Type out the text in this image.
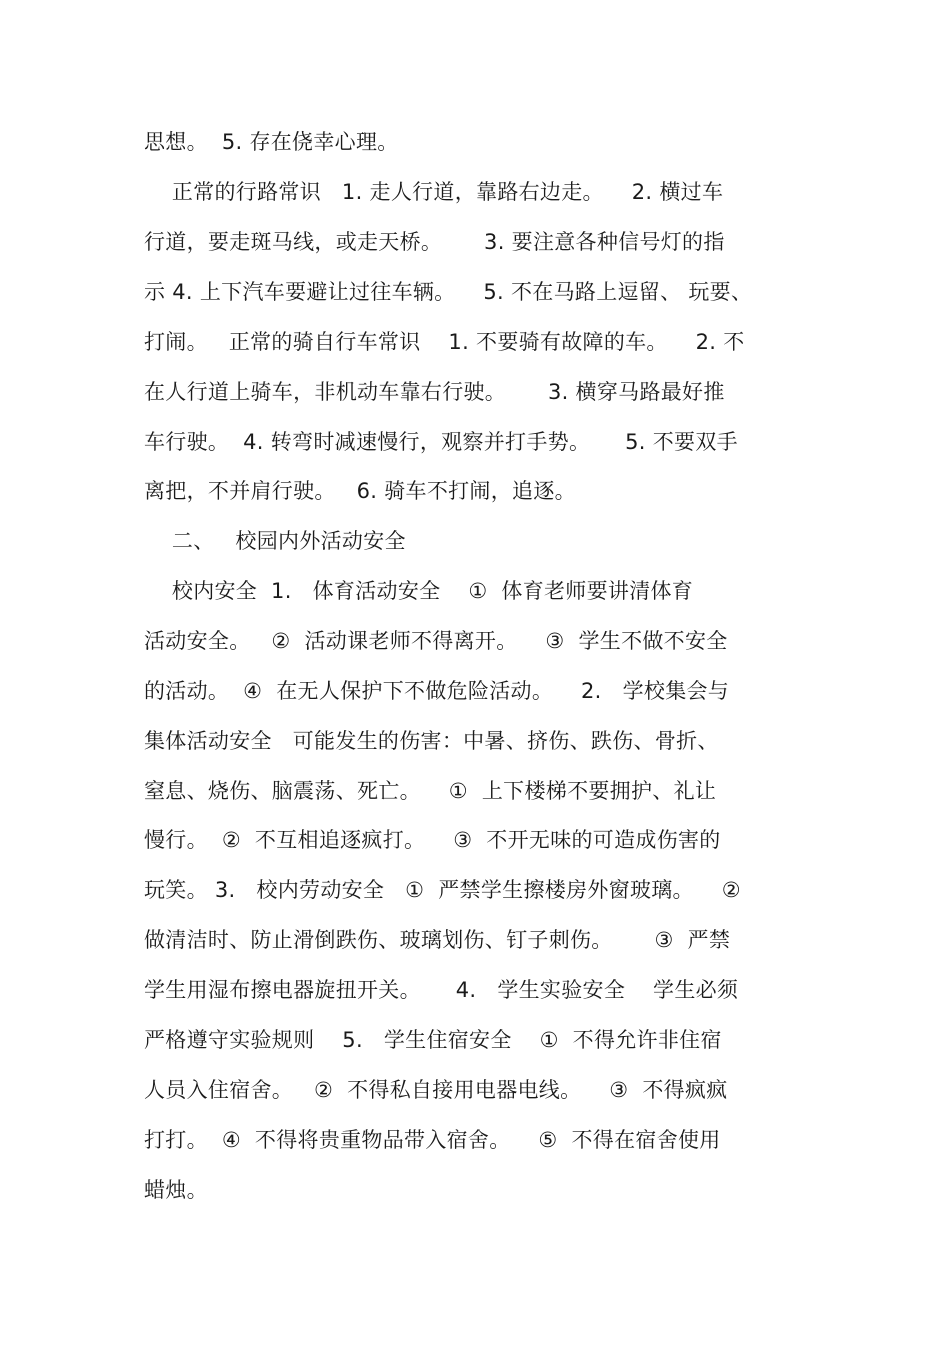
思想。  5. 存在侥幸心理。
正常的行路常识   1. 走人行道，靠路右边走。    2. 横过车
行道，要走斑马线，或走天桥。      3. 要注意各种信号灯的指
示 4. 上下汽车要避让过往车辆。    5. 不在马路上逗留、 玩要、
打闹。   正常的骑自行车常识    1. 不要骑有故障的车。    2. 不
在人行道上骑车，非机动车靠右行驶。      3. 横穿马路最好推
车行驶。  4. 转弯时减速慢行，观察并打手势。     5. 不要双手
离把，不并肩行驶。   6. 骑车不打闹，追逐。
二、   校园内外活动安全
校内安全  1.   体育活动安全    ①  体育老师要讲清体育
活动安全。   ②  活动课老师不得离开。    ③  学生不做不安全
的活动。  ④  在无人保护下不做危险活动。    2.   学校集会与
集体活动安全   可能发生的伤害：中暑、挤伤、跌伤、骨折、
窒息、烧伤、脑震荡、死亡。    ①  上下楼梯不要拥护、礼让
慢行。  ②  不互相追逐疯打。    ③  不开无味的可造成伤害的
玩笑。 3.   校内劳动安全   ①  严禁学生擦楼房外窗玻璃。    ②
做清洁时、防止滑倒跌伤、玻璃划伤、钉子刺伤。      ③  严禁
学生用湿布擦电器旋扭开关。     4.   学生实验安全    学生必须
严格遵守实验规则    5.   学生住宿安全    ①  不得允许非住宿
人员入住宿舍。   ②  不得私自接用电器电线。    ③  不得疯疯
打打。  ④  不得将贵重物品带入宿舍。    ⑤  不得在宿舍使用
蜡烛。
